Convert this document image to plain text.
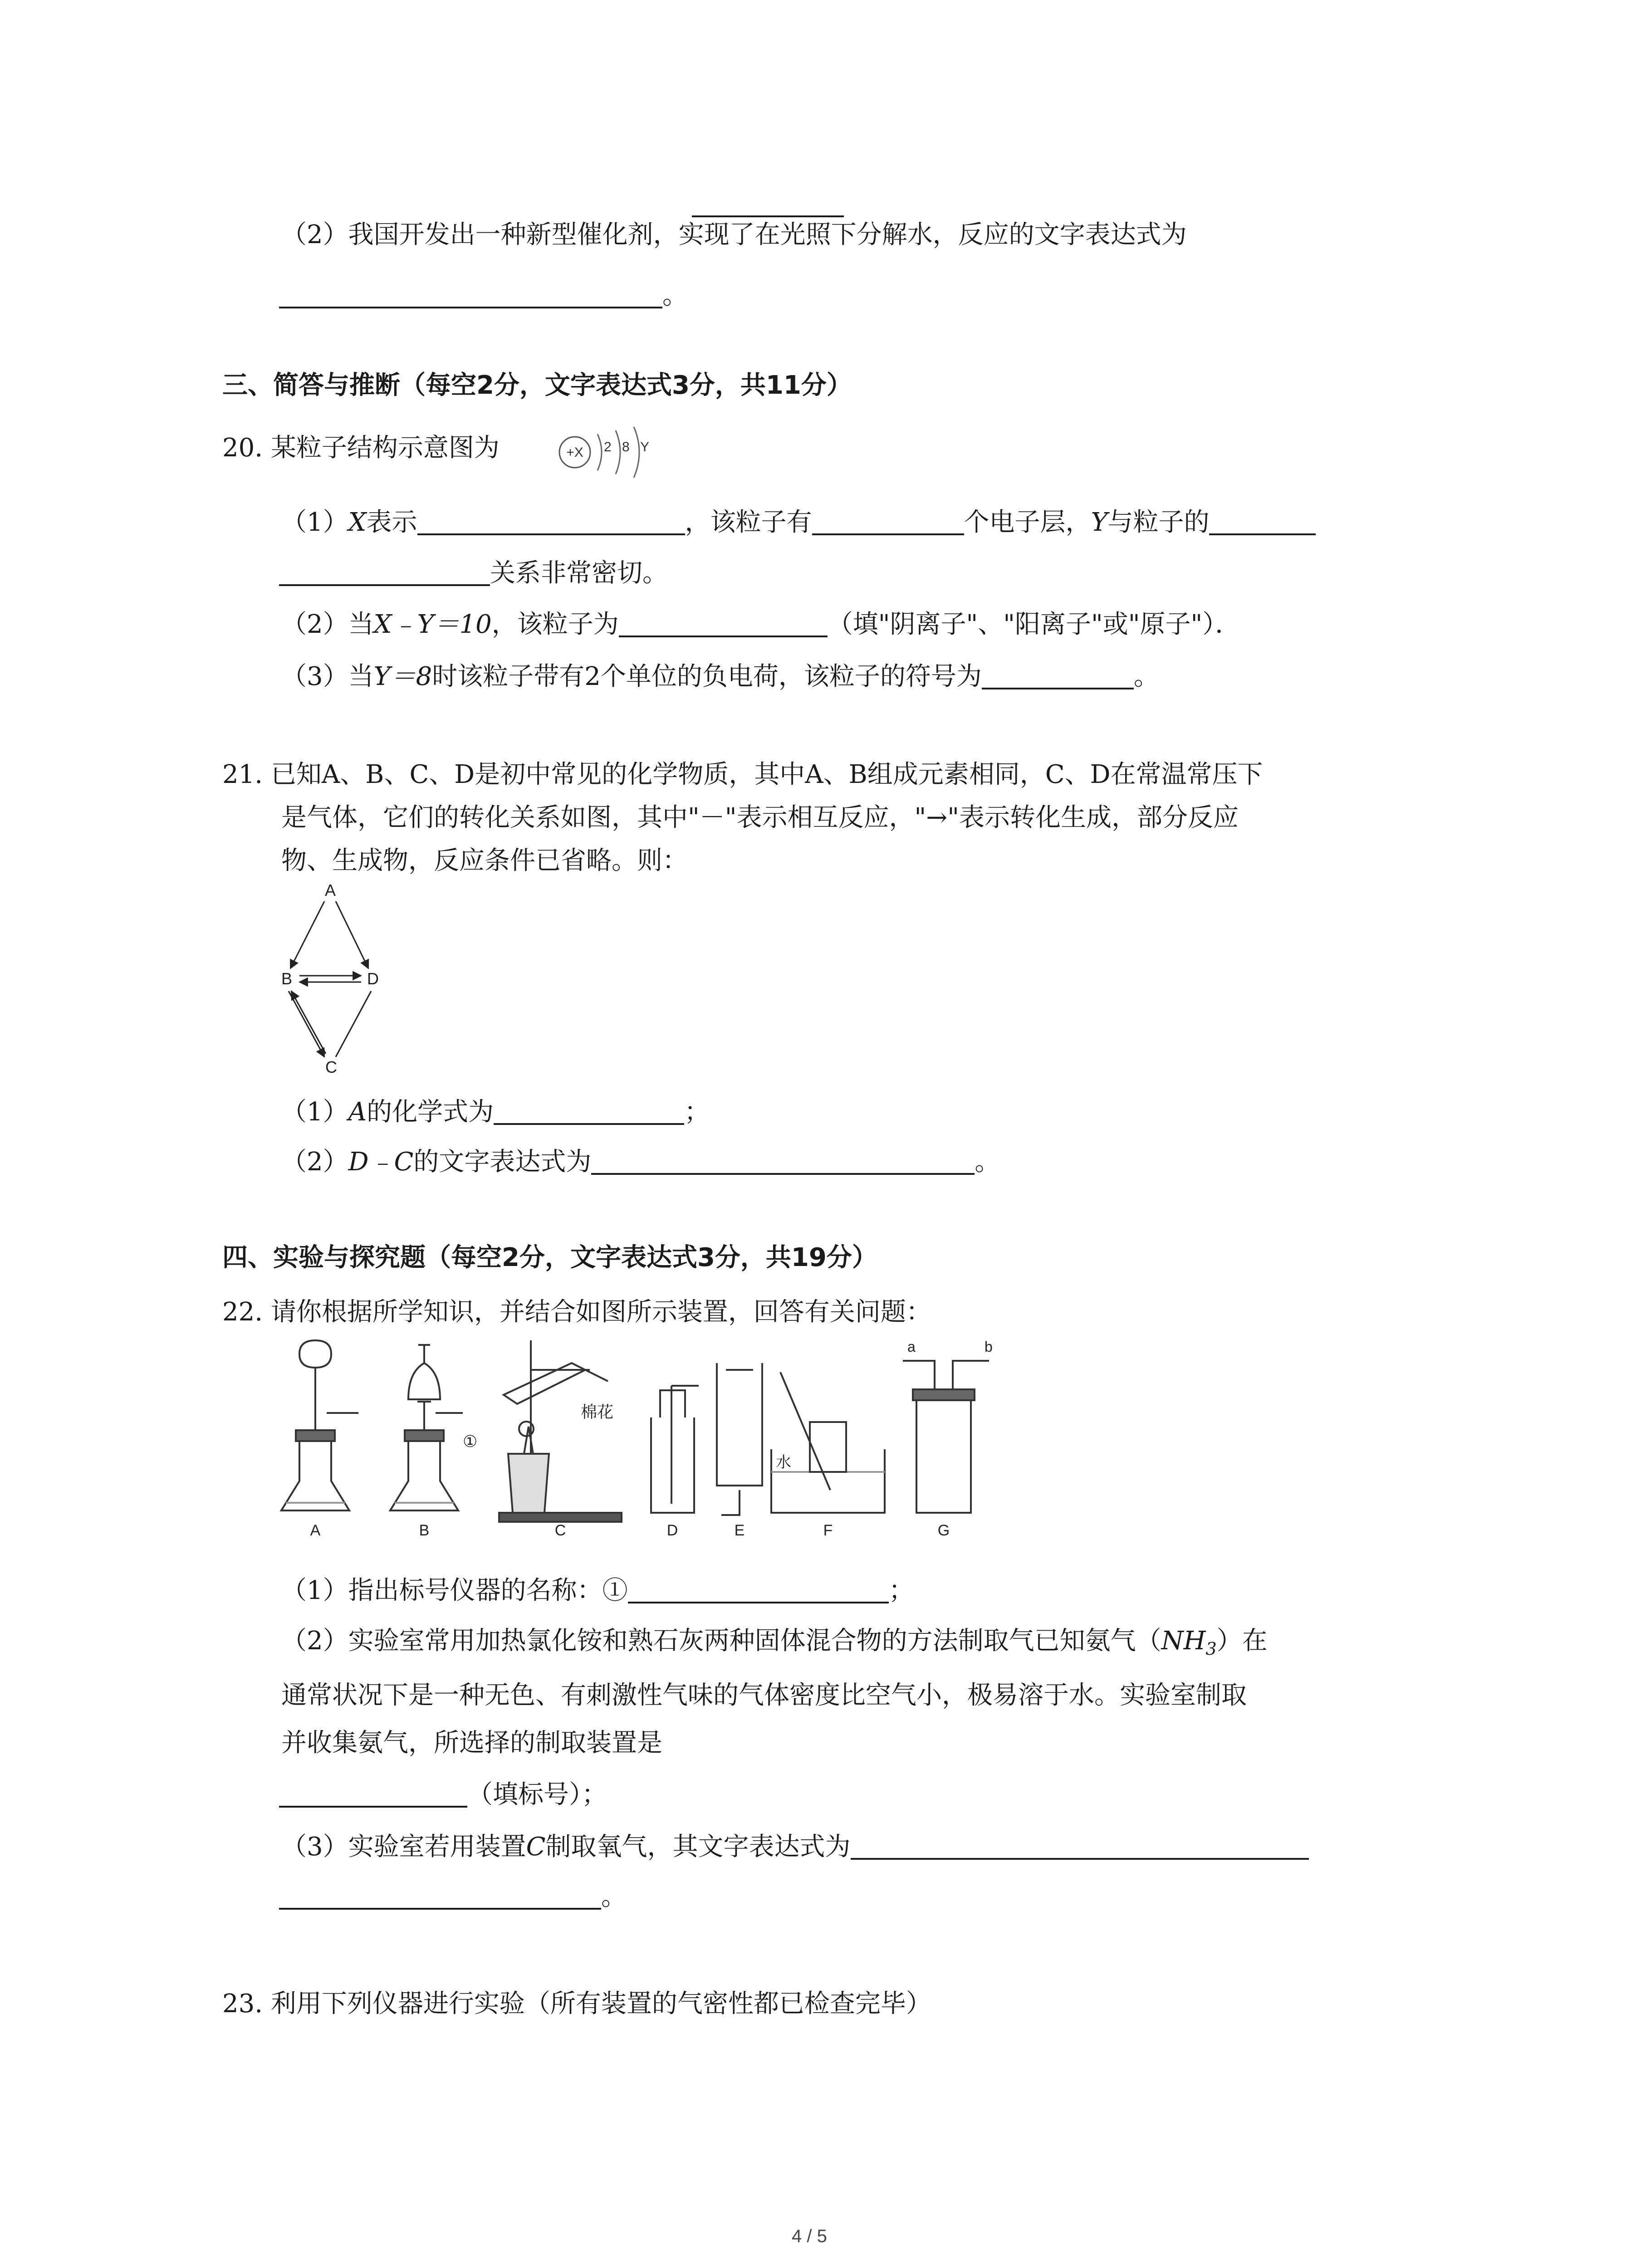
（2）我国开发出一种新型催化剂，实现了在光照下分解水，反应的文字表达式为
。
三、简答与推断（每空2分，文字表达式3分，共11分）
20. 某粒子结构示意图为	+X 2 8 Y
（1）X表示	，该粒子有	个电子层，Y与粒子的
关系非常密切。
（2）当X﹣Y＝10，该粒子为	（填"阴离子"、"阳离子"或"原子"）．
（3）当Y＝8时该粒子带有2个单位的负电荷，该粒子的符号为	。
21. 已知A、B、C、D是初中常见的化学物质，其中A、B组成元素相同，C、D在常温常压下
是气体，它们的转化关系如图，其中"－"表示相互反应，"→"表示转化生成，部分反应
物、生成物，反应条件已省略。则：
A
B	D
C
（1）A的化学式为	；
（2）D﹣C的文字表达式为	。
四、实验与探究题（每空2分，文字表达式3分，共19分）
22. 请你根据所学知识，并结合如图所示装置，回答有关问题：
A	B	C	D	E	F	G
①
棉花
水
a	b
（1）指出标号仪器的名称：①	；
（2）实验室常用加热氯化铵和熟石灰两种固体混合物的方法制取气已知氨气$(NH_3)$在
通常状况下是一种无色、有刺激性气味的气体密度比空气小，极易溶于水。实验室制取
并收集氨气，所选择的制取装置是
（填标号）；
（3）实验室若用装置C制取氧气，其文字表达式为
。
23. 利用下列仪器进行实验（所有装置的气密性都已检查完毕）
4 / 5
